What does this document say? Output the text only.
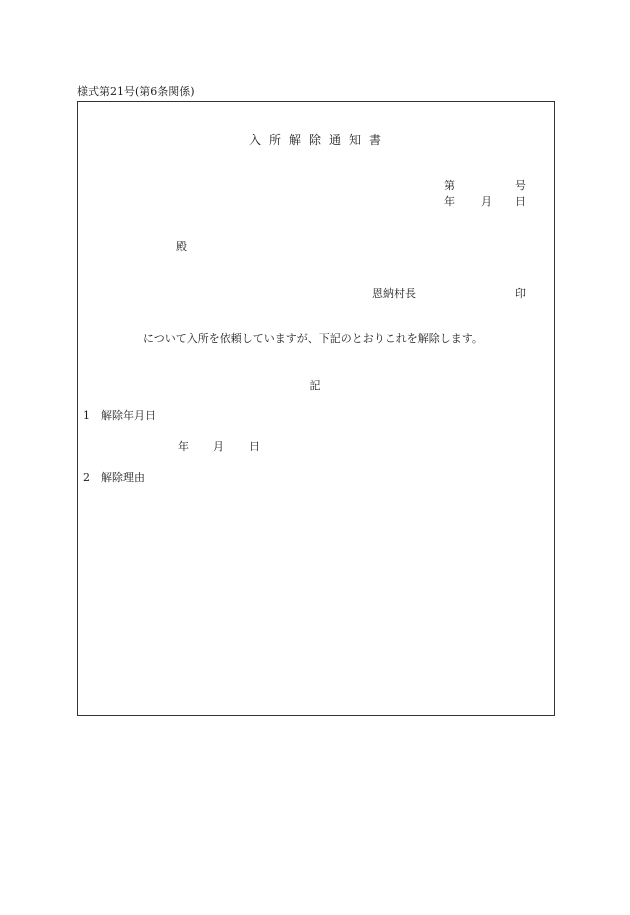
様式第21号(第6条関係)
入所解除通知書
第	号
年 月 日
殿
恩納村長	印
について入所を依頼していますが、下記のとおりこれを解除します。
記
1 解除年月日
年 月 日
2 解除理由
